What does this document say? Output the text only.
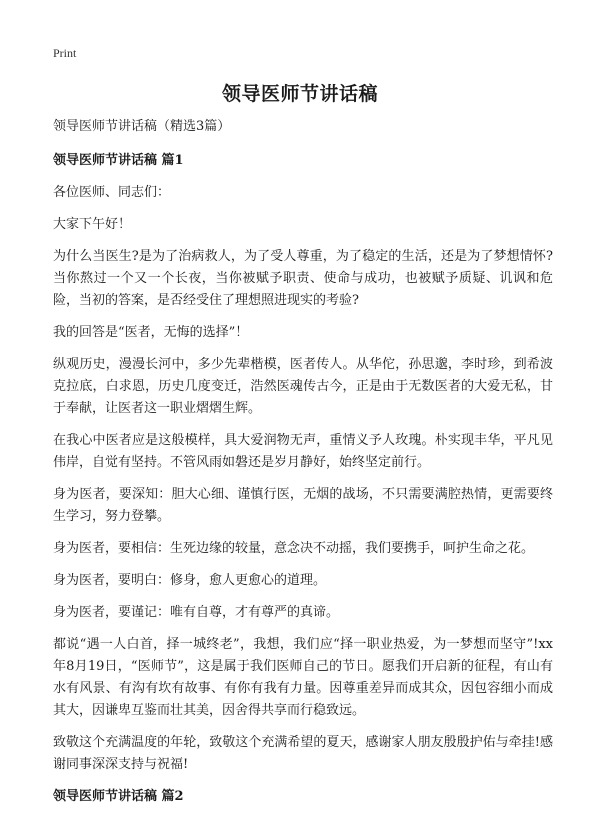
Print
领导医师节讲话稿

领导医师节讲话稿（精选3篇）

领导医师节讲话稿 篇1

各位医师、同志们：

大家下午好！

为什么当医生?是为了治病救人，为了受人尊重，为了稳定的生活，还是为了梦想情怀?当你熬过一个又一个长夜，当你被赋予职责、使命与成功，也被赋予质疑、讥讽和危险，当初的答案，是否经受住了理想照进现实的考验?

我的回答是“医者，无悔的选择”！

纵观历史，漫漫长河中，多少先辈楷模，医者传人。从华佗，孙思邈，李时珍，到希波克拉底，白求恩，历史几度变迁，浩然医魂传古今，正是由于无数医者的大爱无私，甘于奉献，让医者这一职业熠熠生辉。

在我心中医者应是这般模样，具大爱润物无声，重情义予人玫瑰。朴实现丰华，平凡见伟岸，自觉有坚持。不管风雨如磐还是岁月静好，始终坚定前行。

身为医者，要深知：胆大心细、谨慎行医，无烟的战场，不只需要满腔热情，更需要终生学习，努力登攀。

身为医者，要相信：生死边缘的较量，意念决不动摇，我们要携手，呵护生命之花。

身为医者，要明白：修身，愈人更愈心的道理。

身为医者，要谨记：唯有自尊，才有尊严的真谛。

都说“遇一人白首，择一城终老”，我想，我们应“择一职业热爱，为一梦想而坚守”!xx年8月19日，“医师节”，这是属于我们医师自己的节日。愿我们开启新的征程，有山有水有风景、有沟有坎有故事、有你有我有力量。因尊重差异而成其众，因包容细小而成其大，因谦卑互鉴而壮其美，因舍得共享而行稳致远。

致敬这个充满温度的年轮，致敬这个充满希望的夏天，感谢家人朋友殷殷护佑与牵挂!感谢同事深深支持与祝福!

领导医师节讲话稿 篇2
